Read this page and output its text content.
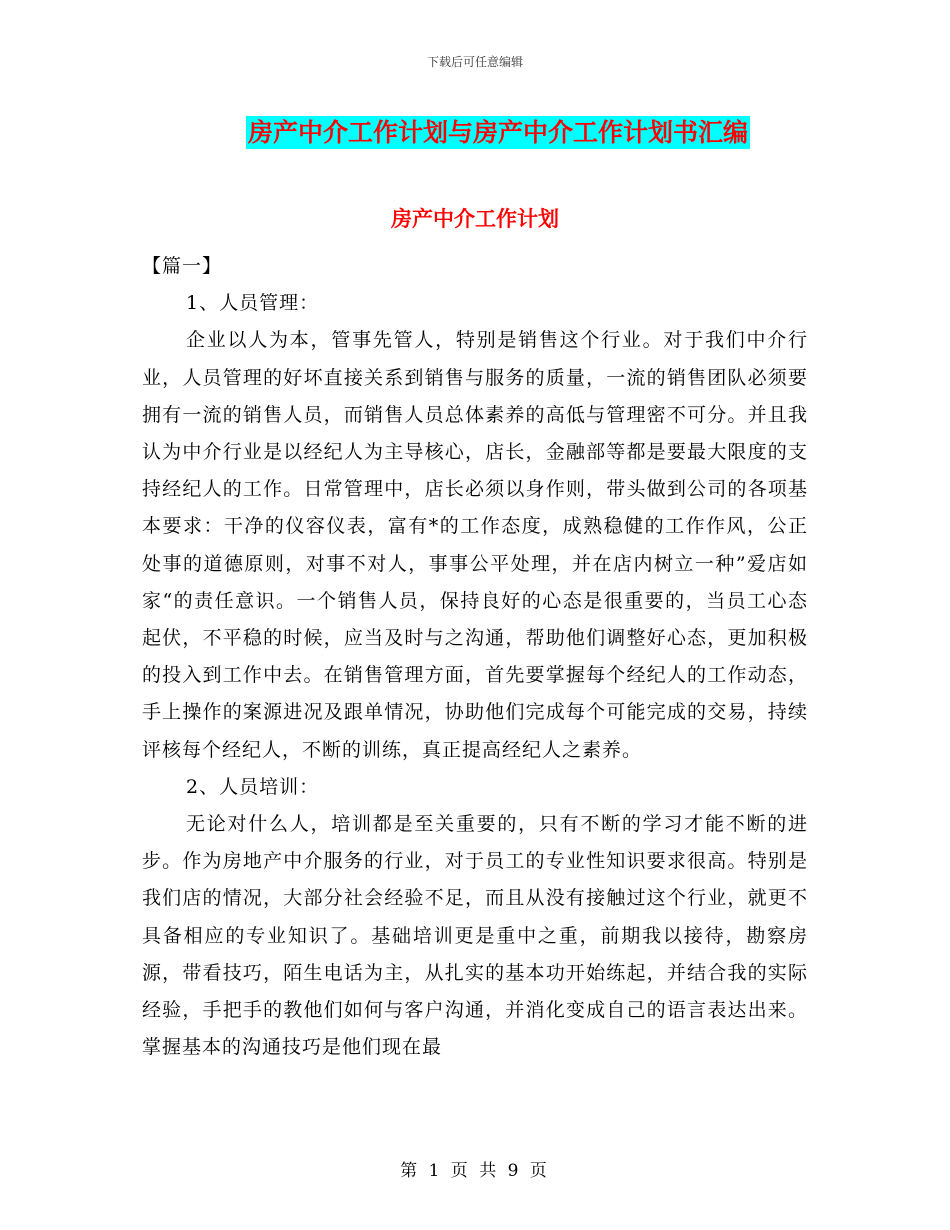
下载后可任意编辑
房产中介工作计划与房产中介工作计划书汇编
房产中介工作计划

【篇一】

1、人员管理：

企业以人为本，管事先管人，特别是销售这个行业。对于我们中介行业，人员管理的好坏直接关系到销售与服务的质量，一流的销售团队必须要拥有一流的销售人员，而销售人员总体素养的高低与管理密不可分。并且我认为中介行业是以经纪人为主导核心，店长，金融部等都是要最大限度的支持经纪人的工作。日常管理中，店长必须以身作则，带头做到公司的各项基本要求：干净的仪容仪表，富有*的工作态度，成熟稳健的工作作风，公正处事的道德原则，对事不对人，事事公平处理，并在店内树立一种”爱店如家“的责任意识。一个销售人员，保持良好的心态是很重要的，当员工心态起伏，不平稳的时候，应当及时与之沟通，帮助他们调整好心态，更加积极的投入到工作中去。在销售管理方面，首先要掌握每个经纪人的工作动态，手上操作的案源进况及跟单情况，协助他们完成每个可能完成的交易，持续评核每个经纪人，不断的训练，真正提高经纪人之素养。

2、人员培训：

无论对什么人，培训都是至关重要的，只有不断的学习才能不断的进步。作为房地产中介服务的行业，对于员工的专业性知识要求很高。特别是我们店的情况，大部分社会经验不足，而且从没有接触过这个行业，就更不具备相应的专业知识了。基础培训更是重中之重，前期我以接待，勘察房源，带看技巧，陌生电话为主，从扎实的基本功开始练起，并结合我的实际经验，手把手的教他们如何与客户沟通，并消化变成自己的语言表达出来。掌握基本的沟通技巧是他们现在最

第 1 页 共 9 页
